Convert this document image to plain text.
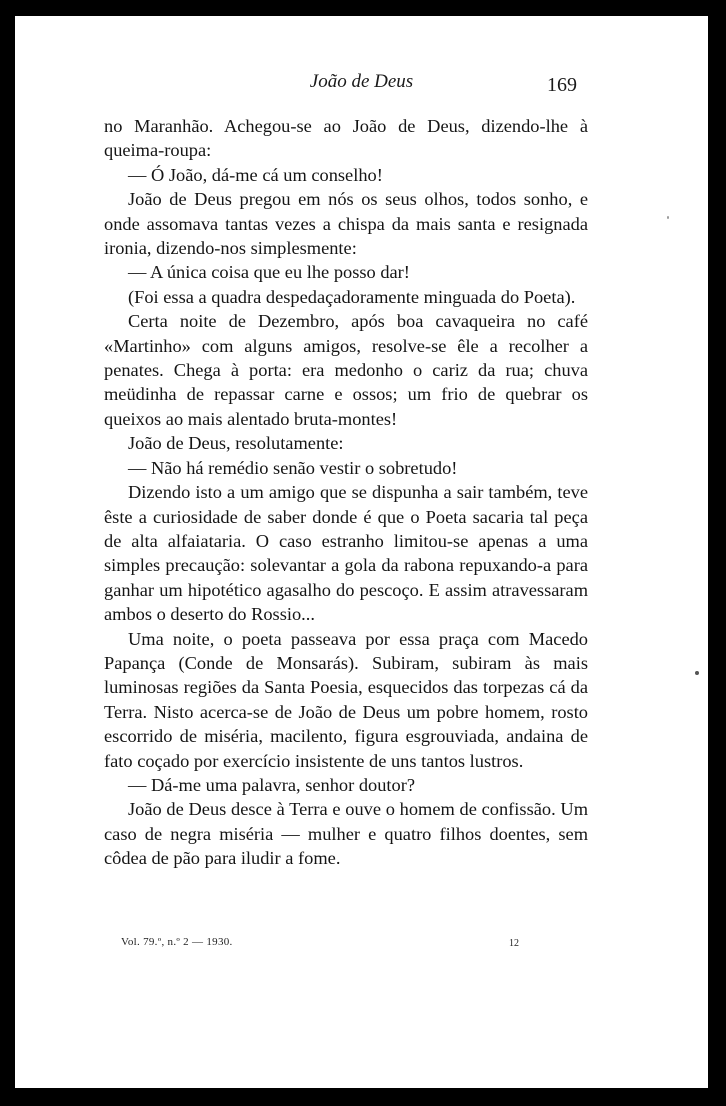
João de Deus	169

no Maranhão. Achegou-se ao João de Deus, dizendo-lhe à queima-roupa:

— Ó João, dá-me cá um conselho!

João de Deus pregou em nós os seus olhos, todos sonho, e onde assomava tantas vezes a chispa da mais santa e resignada ironia, dizendo-nos simplesmente:

— A única coisa que eu lhe posso dar!

(Foi essa a quadra despedaçadoramente minguada do Poeta).

Certa noite de Dezembro, após boa cavaqueira no café «Martinho» com alguns amigos, resolve-se êle a recolher a penates. Chega à porta: era medonho o cariz da rua; chuva meüdinha de repassar carne e ossos; um frio de quebrar os queixos ao mais alentado bruta-montes!

João de Deus, resolutamente:

— Não há remédio senão vestir o sobretudo!

Dizendo isto a um amigo que se dispunha a sair também, teve êste a curiosidade de saber donde é que o Poeta sacaria tal peça de alta alfaiataria. O caso estranho limitou-se apenas a uma simples precaução: solevantar a gola da rabona repuxando-a para ganhar um hipotético agasalho do pescoço. E assim atravessaram ambos o deserto do Rossio...

Uma noite, o poeta passeava por essa praça com Macedo Papança (Conde de Monsarás). Subiram, subiram às mais luminosas regiões da Santa Poesia, esquecidos das torpezas cá da Terra. Nisto acerca-se de João de Deus um pobre homem, rosto escorrido de miséria, macilento, figura esgrouviada, andaina de fato coçado por exercício insistente de uns tantos lustros.

— Dá-me uma palavra, senhor doutor?

João de Deus desce à Terra e ouve o homem de confissão. Um caso de negra miséria — mulher e quatro filhos doentes, sem côdea de pão para iludir a fome.

Vol. 79.º, n.º 2 — 1930.	12
